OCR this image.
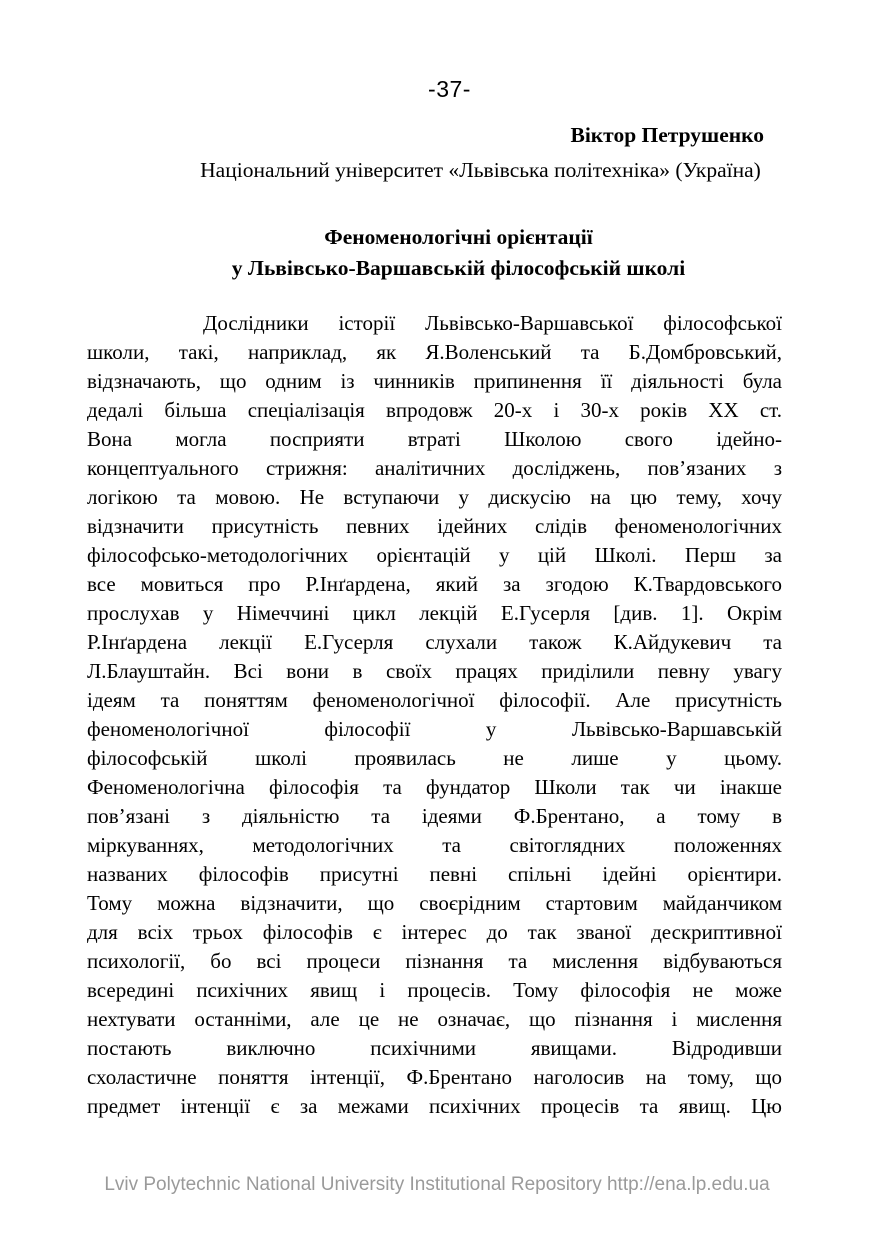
-37-
Віктор Петрушенко
Національний університет «Львівська політехніка» (Україна)
Феноменологічні орієнтації
у Львівсько-Варшавській філософській школі
Дослідники історії Львівсько-Варшавської філософської
школи, такі, наприклад, як Я.Воленський та Б.Домбровський,
відзначають, що одним із чинників припинення її діяльності була
дедалі більша спеціалізація впродовж 20-х і 30-х років ХХ ст.
Вона могла посприяти втраті Школою свого ідейно-
концептуального стрижня: аналітичних досліджень, пов’язаних з
логікою та мовою. Не вступаючи у дискусію на цю тему, хочу
відзначити присутність певних ідейних слідів феноменологічних
філософсько-методологічних орієнтацій у цій Школі. Перш за
все мовиться про Р.Інґардена, який за згодою К.Твардовського
прослухав у Німеччині цикл лекцій Е.Гусерля [див. 1]. Окрім
Р.Інґардена лекції Е.Гусерля слухали також К.Айдукевич та
Л.Блауштайн. Всі вони в своїх працях приділили певну увагу
ідеям та поняттям феноменологічної філософії. Але присутність
феноменологічної філософії у Львівсько-Варшавській
філософській школі проявилась не лише у цьому.
Феноменологічна філософія та фундатор Школи так чи інакше
пов’язані з діяльністю та ідеями Ф.Брентано, а тому в
міркуваннях, методологічних та світоглядних положеннях
названих філософів присутні певні спільні ідейні орієнтири.
Тому можна відзначити, що своєрідним стартовим майданчиком
для всіх трьох філософів є інтерес до так званої дескриптивної
психології, бо всі процеси пізнання та мислення відбуваються
всередині психічних явищ і процесів. Тому філософія не може
нехтувати останніми, але це не означає, що пізнання і мислення
постають виключно психічними явищами. Відродивши
схоластичне поняття інтенції, Ф.Брентано наголосив на тому, що
предмет інтенції є за межами психічних процесів та явищ. Цю
Lviv Polytechnic National University Institutional Repository http://ena.lp.edu.ua
